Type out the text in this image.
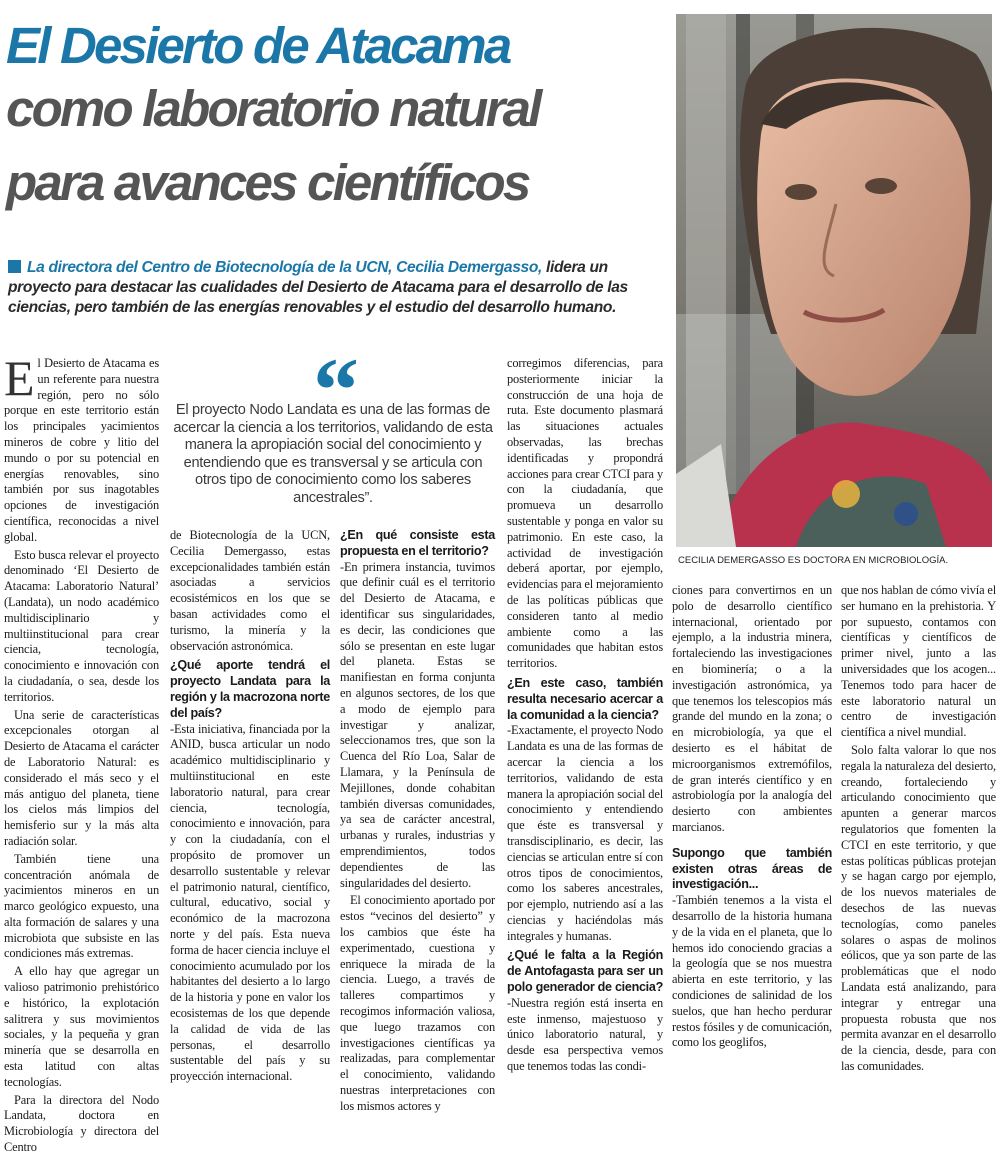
El Desierto de Atacama
como laboratorio natural
para avances científicos
CECILIA DEMERGASSO ES DOCTORA EN MICROBIOLOGÍA.

La directora del Centro de Biotecnología de la UCN, Cecilia Demergasso, lidera un proyecto para destacar las cualidades del Desierto de Atacama para el desarrollo de las ciencias, pero también de las energías renovables y el estudio del desarrollo humano.

“
El proyecto Nodo Landata es una de las formas de acercar la ciencia a los territorios, validando de esta manera la apropiación social del conocimiento y entendiendo que es transversal y se articula con otros tipo de conocimiento como los saberes ancestrales”.

El Desierto de Atacama es un referente para nuestra región, pero no sólo porque en este territorio están los principales yacimientos mineros de cobre y litio del mundo o por su potencial en energías renovables, sino también por sus inagotables opciones de investigación científica, reconocidas a nivel global.

Esto busca relevar el proyecto denominado ‘El Desierto de Atacama: Laboratorio Natural’ (Landata), un nodo académico multidisciplinario y multiinstitucional para crear ciencia, tecnología, conocimiento e innovación con la ciudadanía, o sea, desde los territorios.

Una serie de características excepcionales otorgan al Desierto de Atacama el carácter de Laboratorio Natural: es considerado el más seco y el más antiguo del planeta, tiene los cielos más limpios del hemisferio sur y la más alta radiación solar.

También tiene una concentración anómala de yacimientos mineros en un marco geológico expuesto, una alta formación de salares y una microbiota que subsiste en las condiciones más extremas.

A ello hay que agregar un valioso patrimonio prehistórico e histórico, la explotación salitrera y sus movimientos sociales, y la pequeña y gran minería que se desarrolla en esta latitud con altas tecnologías.

Para la directora del Nodo Landata, doctora en Microbiología y directora del Centro

de Biotecnología de la UCN, Cecilia Demergasso, estas excepcionalidades también están asociadas a servicios ecosistémicos en los que se basan actividades como el turismo, la minería y la observación astronómica.

¿Qué aporte tendrá el proyecto Landata para la región y la macrozona norte del país?

-Esta iniciativa, financiada por la ANID, busca articular un nodo académico multidisciplinario y multiinstitucional en este laboratorio natural, para crear ciencia, tecnología, conocimiento e innovación, para y con la ciudadanía, con el propósito de promover un desarrollo sustentable y relevar el patrimonio natural, científico, cultural, educativo, social y económico de la macrozona norte y del país. Esta nueva forma de hacer ciencia incluye el conocimiento acumulado por los habitantes del desierto a lo largo de la historia y pone en valor los ecosistemas de los que depende la calidad de vida de las personas, el desarrollo sustentable del país y su proyección internacional.

¿En qué consiste esta propuesta en el territorio?

-En primera instancia, tuvimos que definir cuál es el territorio del Desierto de Atacama, e identificar sus singularidades, es decir, las condiciones que sólo se presentan en este lugar del planeta. Estas se manifiestan en forma conjunta en algunos sectores, de los que a modo de ejemplo para investigar y analizar, seleccionamos tres, que son la Cuenca del Río Loa, Salar de Llamara, y la Península de Mejillones, donde cohabitan también diversas comunidades, ya sea de carácter ancestral, urbanas y rurales, industrias y emprendimientos, todos dependientes de las singularidades del desierto.

El conocimiento aportado por estos “vecinos del desierto” y los cambios que éste ha experimentado, cuestiona y enriquece la mirada de la ciencia. Luego, a través de talleres compartimos y recogimos información valiosa, que luego trazamos con investigaciones científicas ya realizadas, para complementar el conocimiento, validando nuestras interpretaciones con los mismos actores y

corregimos diferencias, para posteriormente iniciar la construcción de una hoja de ruta. Este documento plasmará las situaciones actuales observadas, las brechas identificadas y propondrá acciones para crear CTCI para y con la ciudadanía, que promueva un desarrollo sustentable y ponga en valor su patrimonio. En este caso, la actividad de investigación deberá aportar, por ejemplo, evidencias para el mejoramiento de las políticas públicas que consideren tanto al medio ambiente como a las comunidades que habitan estos territorios.

¿En este caso, también resulta necesario acercar a la comunidad a la ciencia?

-Exactamente, el proyecto Nodo Landata es una de las formas de acercar la ciencia a los territorios, validando de esta manera la apropiación social del conocimiento y entendiendo que éste es transversal y transdisciplinario, es decir, las ciencias se articulan entre sí con otros tipos de conocimientos, como los saberes ancestrales, por ejemplo, nutriendo así a las ciencias y haciéndolas más integrales y humanas.

¿Qué le falta a la Región de Antofagasta para ser un polo generador de ciencia?

-Nuestra región está inserta en este inmenso, majestuoso y único laboratorio natural, y desde esa perspectiva vemos que tenemos todas las condi-

ciones para convertirnos en un polo de desarrollo científico internacional, orientado por ejemplo, a la industria minera, fortaleciendo las investigaciones en biominería; o a la investigación astronómica, ya que tenemos los telescopios más grande del mundo en la zona; o en microbiología, ya que el desierto es el hábitat de microorganismos extremófilos, de gran interés científico y en astrobiología por la analogía del desierto con ambientes marcianos.

Supongo que también existen otras áreas de investigación...

-También tenemos a la vista el desarrollo de la historia humana y de la vida en el planeta, que lo hemos ido conociendo gracias a la geología que se nos muestra abierta en este territorio, y las condiciones de salinidad de los suelos, que han hecho perdurar restos fósiles y de comunicación, como los geoglifos,

que nos hablan de cómo vivía el ser humano en la prehistoria. Y por supuesto, contamos con científicas y científicos de primer nivel, junto a las universidades que los acogen... Tenemos todo para hacer de este laboratorio natural un centro de investigación científica a nivel mundial.

Solo falta valorar lo que nos regala la naturaleza del desierto, creando, fortaleciendo y articulando conocimiento que apunten a generar marcos regulatorios que fomenten la CTCI en este territorio, y que estas políticas públicas protejan y se hagan cargo por ejemplo, de los nuevos materiales de desechos de las nuevas tecnologías, como paneles solares o aspas de molinos eólicos, que ya son parte de las problemáticas que el nodo Landata está analizando, para integrar y entregar una propuesta robusta que nos permita avanzar en el desarrollo de la ciencia, desde, para con las comunidades.
